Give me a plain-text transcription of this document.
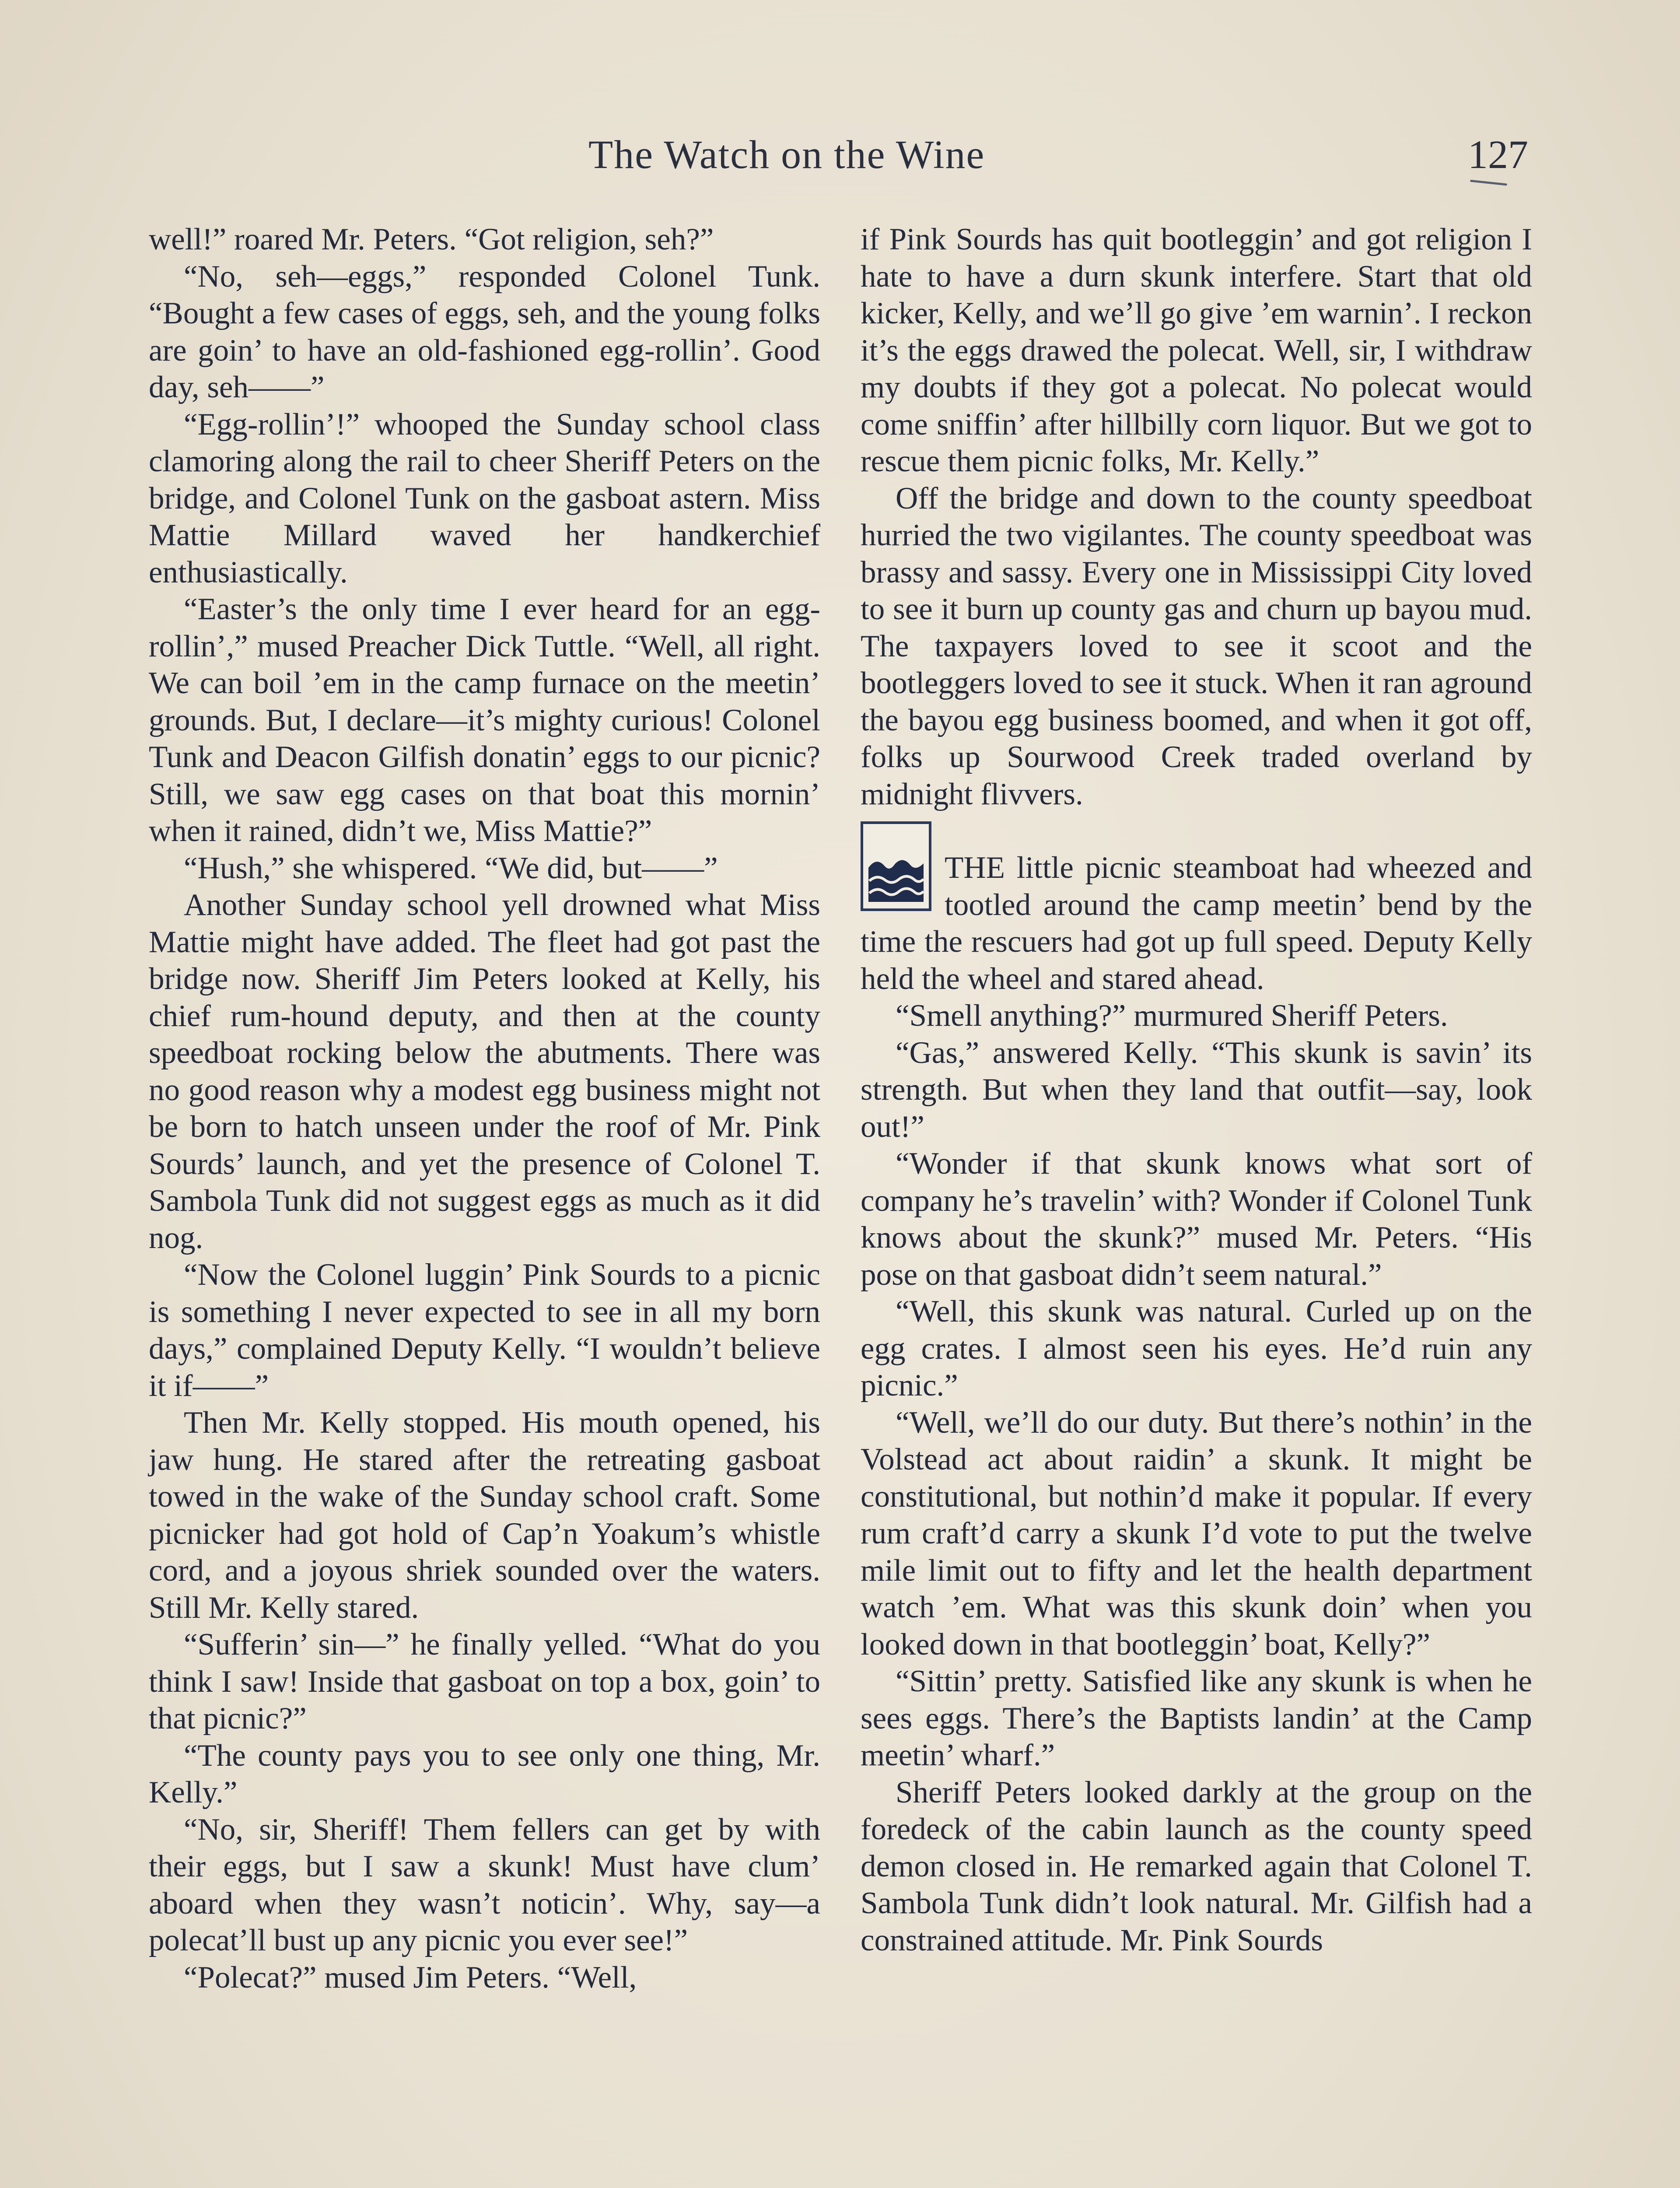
The Watch on the Wine	127

well!” roared Mr. Peters. “Got religion, seh?”

“No, seh—eggs,” responded Colonel Tunk. “Bought a few cases of eggs, seh, and the young folks are goin’ to have an old-fashioned egg-rollin’. Good day, seh——”

“Egg-rollin’!” whooped the Sunday school class clamoring along the rail to cheer Sheriff Peters on the bridge, and Colonel Tunk on the gasboat astern. Miss Mattie Millard waved her handkerchief enthusiastically.

“Easter’s the only time I ever heard for an egg-rollin’,” mused Preacher Dick Tuttle. “Well, all right. We can boil ’em in the camp furnace on the meetin’ grounds. But, I declare—it’s mighty curious! Colonel Tunk and Deacon Gilfish donatin’ eggs to our picnic? Still, we saw egg cases on that boat this mornin’ when it rained, didn’t we, Miss Mattie?”

“Hush,” she whispered. “We did, but——”

Another Sunday school yell drowned what Miss Mattie might have added. The fleet had got past the bridge now. Sheriff Jim Peters looked at Kelly, his chief rum-hound deputy, and then at the county speedboat rocking below the abutments. There was no good reason why a modest egg business might not be born to hatch unseen under the roof of Mr. Pink Sourds’ launch, and yet the presence of Colonel T. Sambola Tunk did not suggest eggs as much as it did nog.

“Now the Colonel luggin’ Pink Sourds to a picnic is something I never expected to see in all my born days,” complained Deputy Kelly. “I wouldn’t believe it if——”

Then Mr. Kelly stopped. His mouth opened, his jaw hung. He stared after the retreating gasboat towed in the wake of the Sunday school craft. Some picnicker had got hold of Cap’n Yoakum’s whistle cord, and a joyous shriek sounded over the waters. Still Mr. Kelly stared.

“Sufferin’ sin—” he finally yelled. “What do you think I saw! Inside that gasboat on top a box, goin’ to that picnic?”

“The county pays you to see only one thing, Mr. Kelly.”

“No, sir, Sheriff! Them fellers can get by with their eggs, but I saw a skunk! Must have clum’ aboard when they wasn’t noticin’. Why, say—a polecat’ll bust up any picnic you ever see!”

“Polecat?” mused Jim Peters. “Well,

if Pink Sourds has quit bootleggin’ and got religion I hate to have a durn skunk interfere. Start that old kicker, Kelly, and we’ll go give ’em warnin’. I reckon it’s the eggs drawed the polecat. Well, sir, I withdraw my doubts if they got a polecat. No polecat would come sniffin’ after hillbilly corn liquor. But we got to rescue them picnic folks, Mr. Kelly.”

Off the bridge and down to the county speedboat hurried the two vigilantes. The county speedboat was brassy and sassy. Every one in Mississippi City loved to see it burn up county gas and churn up bayou mud. The taxpayers loved to see it scoot and the bootleggers loved to see it stuck. When it ran aground the bayou egg business boomed, and when it got off, folks up Sourwood Creek traded overland by midnight flivvers.

THE little picnic steamboat had wheezed and tootled around the camp meetin’ bend by the time the rescuers had got up full speed. Deputy Kelly held the wheel and stared ahead.

“Smell anything?” murmured Sheriff Peters.

“Gas,” answered Kelly. “This skunk is savin’ its strength. But when they land that outfit—say, look out!”

“Wonder if that skunk knows what sort of company he’s travelin’ with? Wonder if Colonel Tunk knows about the skunk?” mused Mr. Peters. “His pose on that gasboat didn’t seem natural.”

“Well, this skunk was natural. Curled up on the egg crates. I almost seen his eyes. He’d ruin any picnic.”

“Well, we’ll do our duty. But there’s nothin’ in the Volstead act about raidin’ a skunk. It might be constitutional, but nothin’d make it popular. If every rum craft’d carry a skunk I’d vote to put the twelve mile limit out to fifty and let the health department watch ’em. What was this skunk doin’ when you looked down in that bootleggin’ boat, Kelly?”

“Sittin’ pretty. Satisfied like any skunk is when he sees eggs. There’s the Baptists landin’ at the Camp meetin’ wharf.”

Sheriff Peters looked darkly at the group on the foredeck of the cabin launch as the county speed demon closed in. He remarked again that Colonel T. Sambola Tunk didn’t look natural. Mr. Gilfish had a constrained attitude. Mr. Pink Sourds
